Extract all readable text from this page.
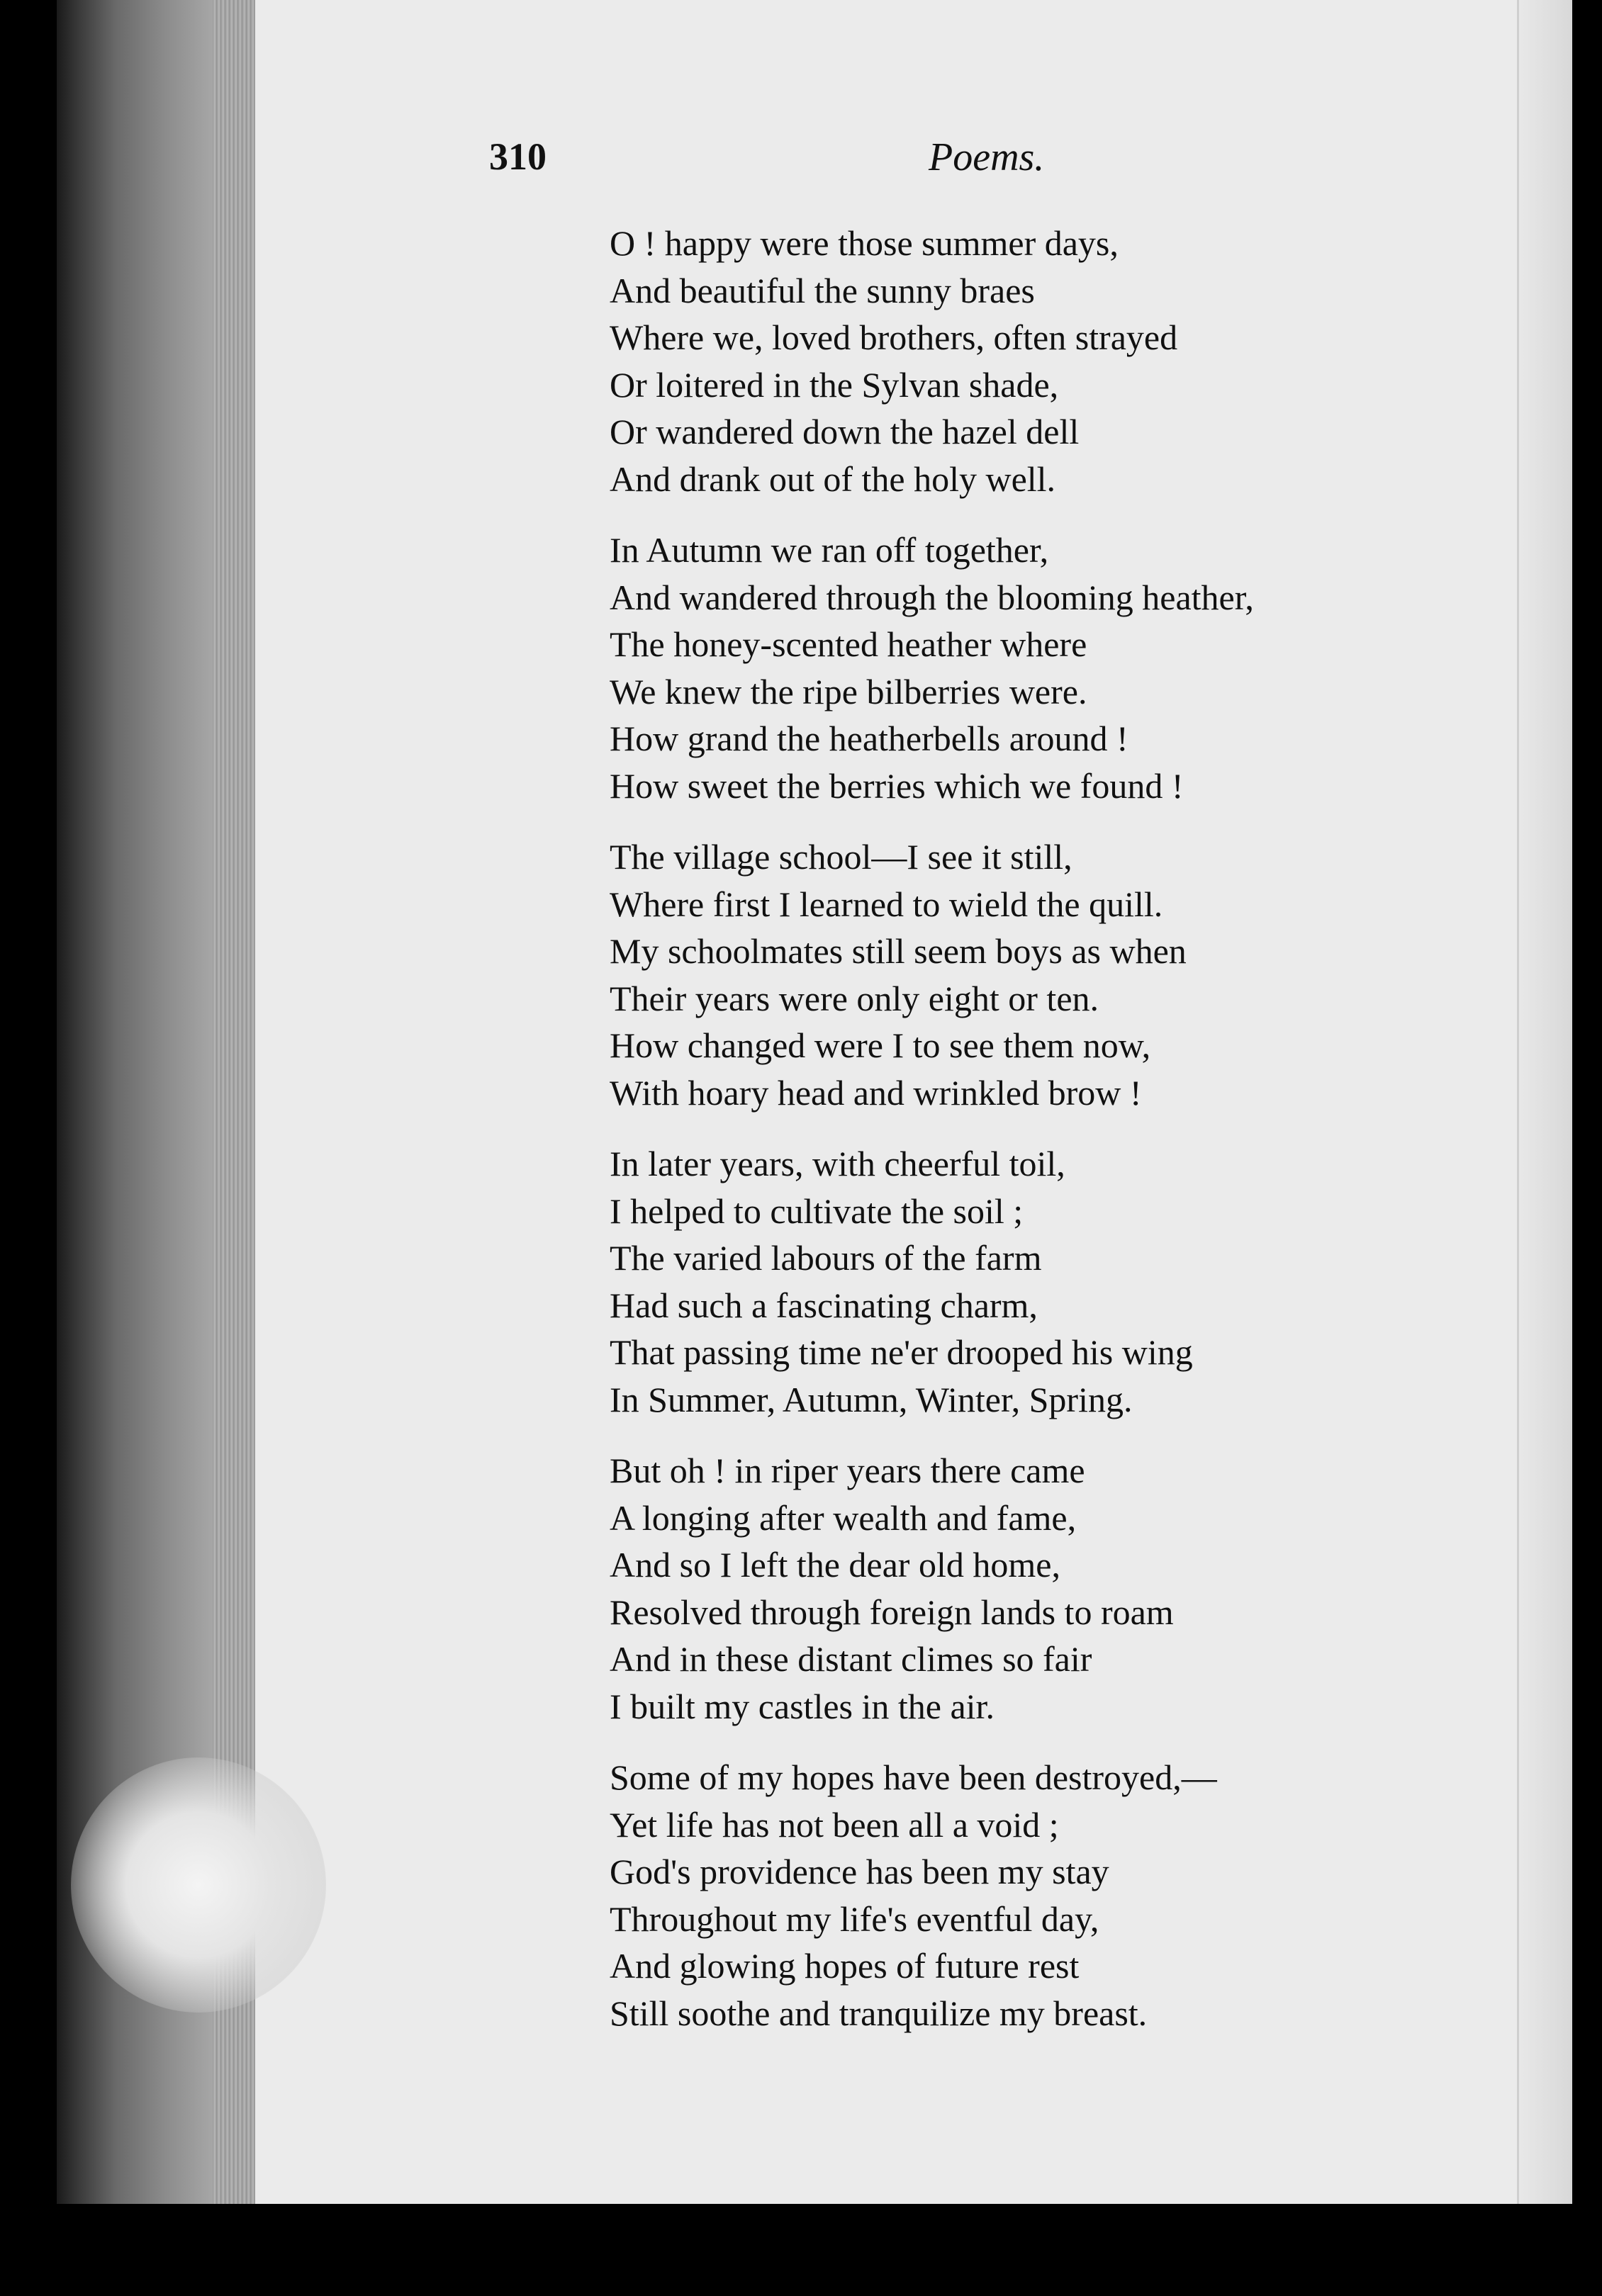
310	Poems.
O ! happy were those summer days,
And beautiful the sunny braes
Where we, loved brothers, often strayed
Or loitered in the Sylvan shade,
Or wandered down the hazel dell
And drank out of the holy well.
In Autumn we ran off together,
And wandered through the blooming heather,
The honey-scented heather where
We knew the ripe bilberries were.
How grand the heatherbells around !
How sweet the berries which we found !
The village school—I see it still,
Where first I learned to wield the quill.
My schoolmates still seem boys as when
Their years were only eight or ten.
How changed were I to see them now,
With hoary head and wrinkled brow !
In later years, with cheerful toil,
I helped to cultivate the soil ;
The varied labours of the farm
Had such a fascinating charm,
That passing time ne'er drooped his wing
In Summer, Autumn, Winter, Spring.
But oh ! in riper years there came
A longing after wealth and fame,
And so I left the dear old home,
Resolved through foreign lands to roam
And in these distant climes so fair
I built my castles in the air.
Some of my hopes have been destroyed,—
Yet life has not been all a void ;
God's providence has been my stay
Throughout my life's eventful day,
And glowing hopes of future rest
Still soothe and tranquilize my breast.
